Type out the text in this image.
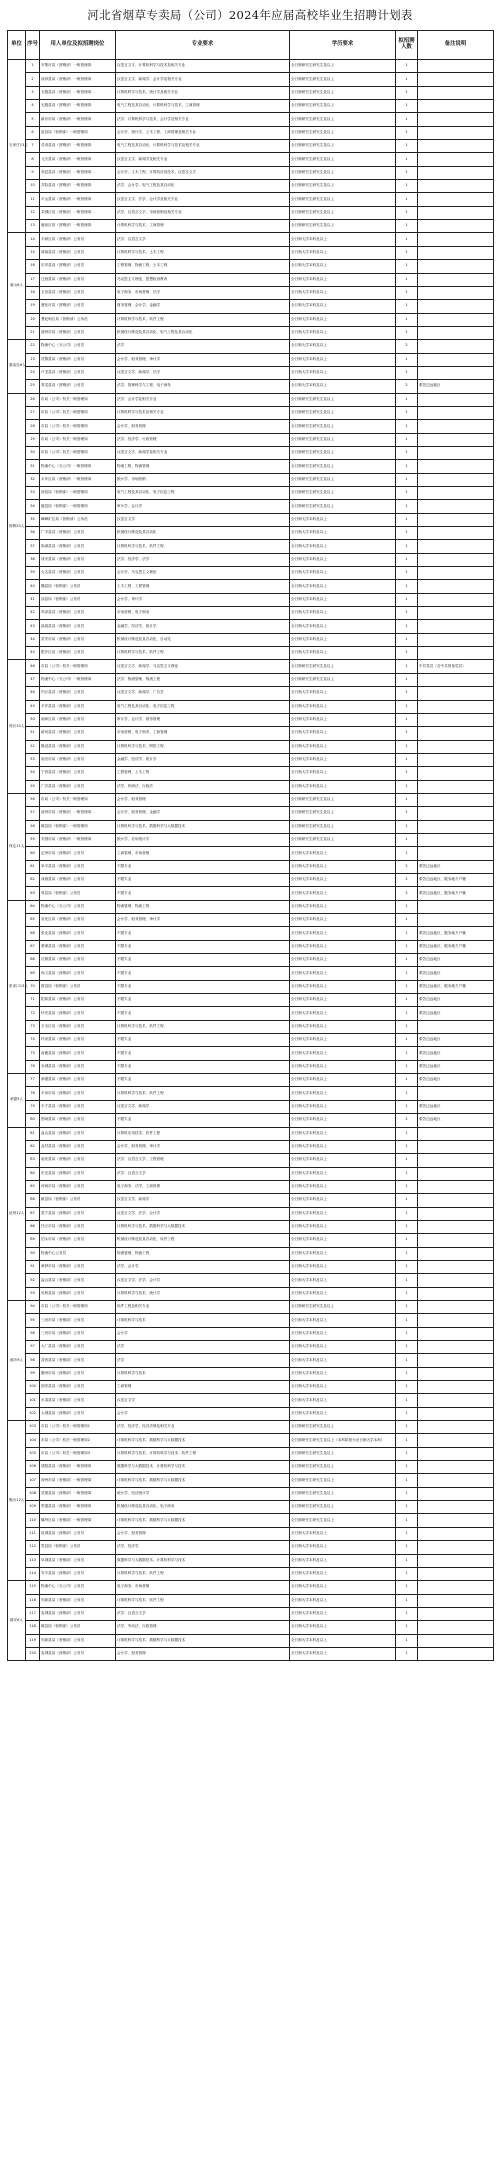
河北省烟草专卖局（公司）2024年应届高校毕业生招聘计划表
单位	序号	用人单位及拟招聘岗位	专业要求	学历要求	拟招聘人数	备注说明
石家庄13人	1	辛集市局（营销部）一般管理岗	汉语言文字、计算机科学与技术及相关专业	全日制研究生研究生及以上	1	
	2	深泽县局（营销部）一般管理岗	汉语言文字、新闻学、会计学及相关专业	全日制研究生研究生及以上	1	
	3	无极县局（营销部）一般管理岗	计算机科学与技术、统计学及相关专业	全日制研究生研究生及以上	1	
	4	无极县局（营销部）一般管理岗	电气工程及其自动化、计算机科学与技术、工商管理	全日制研究生研究生及以上	1	
	5	新乐市局（营销部）一般管理岗	法学、计算机科学与技术、会计学及相关专业	全日制研究生研究生及以上	1	
	6	赵县局（营销部）一般管理岗	会计学、统计学、土木工程、工商管理及相关专业	全日制研究生研究生及以上	1	
	7	灵寿县局（营销部）一般管理岗	电气工程及其自动化、计算机科学与技术及相关专业	全日制研究生研究生及以上	1	
	8	元氏县局（营销部）一般管理岗	汉语言文字、新闻学及相关专业	全日制研究生研究生及以上	1	
	9	高邑县局（营销部）一般管理岗	会计学、土木工程、计算机应用技术、汉语言文字	全日制研究生研究生及以上	1	
	10	井陉县局（营销部）一般管理岗	法学、会计学、电气工程及其自动化	全日制研究生研究生及以上	1	
	11	平山县局（营销部）一般管理岗	汉语言文字、法学、会计学及相关专业	全日制研究生研究生及以上	1	
	12	栾城区局（营销部）一般管理岗	法学、汉语言文字、市场营销及相关专业	全日制研究生研究生及以上	1	
	13	鹿泉区局（营销部）一般管理岗	计算机科学与技术、工商管理	全日制研究生研究生及以上	1	
唐山8人	14	丰润区局（营销部）公务员	法学、汉语言文学	全日制大学本科及以上	1	
	15	滦南县局（营销部）公务员	计算机科学与技术、土木工程	全日制大学本科及以上	1	
	16	乐亭县局（营销部）公务员	工程管理、物流工程、土木工程	全日制大学本科及以上	1	
	17	迁西县局（营销部）公务员	马克思主义理论、思想政治教育	全日制大学本科及以上	1	
	18	玉田县局（营销部）公务员	电子商务、市场营销、法学	全日制大学本科及以上	1	
	19	遵化市局（营销部）公务员	财务管理、会计学、金融学	全日制大学本科及以上	1	
	20	曹妃甸区局（营销部）公务员	计算机科学与技术、软件工程	全日制大学本科及以上	1	
	21	滦州市局（营销部）公务员	机械设计制造及其自动化、电气工程及其自动化	全日制大学本科及以上	1	
秦皇岛6人	22	物流中心（分公司）公务员	法学	全日制大学本科及以上	2	
	23	昌黎县局（营销部）公务员	会计学、财务管理、审计学	全日制大学本科及以上	1	
	24	卢龙县局（营销部）公务员	汉语言文学、新闻学、法学	全日制大学本科及以上	1	
	25	青龙县局（营销部）公务员	法学、管理科学与工程、电子商务	全日制大学本科及以上	2	艰苦边远地区
邯郸20人	26	市局（公司）机关一般管理岗	法学、会计学及相关专业	全日制研究生研究生及以上	1	
	27	市局（公司）机关一般管理岗	计算机科学与技术及相关专业	全日制研究生研究生及以上	1	
	28	市局（公司）机关一般管理岗	会计学、财务管理	全日制研究生研究生及以上	1	
	29	市局（公司）机关一般管理岗	法学、经济学、行政管理	全日制研究生研究生及以上	1	
	30	市局（公司）机关一般管理岗	汉语言文字、新闻学及相关专业	全日制研究生研究生及以上	1	
	31	物流中心（分公司）一般管理岗	物流工程、物流管理	全日制研究生研究生及以上	1	
	32	永年区局（营销部）一般管理岗	统计学、市场营销	全日制研究生研究生及以上	1	
	33	涉县局（营销部）一般管理岗	电气工程及其自动化、电子信息工程	全日制研究生研究生及以上	1	
	34	磁县局（营销部）一般管理岗	审计学、会计学	全日制研究生研究生及以上	1	
	35	峰峰矿区局（营销部）公务员	汉语言文学	全日制大学本科及以上	1	
	36	广平县局（营销部）公务员	机械设计制造及其自动化	全日制大学本科及以上	1	
	37	临漳县局（营销部）公务员	计算机科学与技术、软件工程	全日制大学本科及以上	1	
	38	成安县局（营销部）公务员	法学、经济学、法学	全日制大学本科及以上	1	
	39	大名县局（营销部）公务员	会计学、马克思主义理论	全日制大学本科及以上	1	
	40	魏县局（营销部）公务员	土木工程、工程管理	全日制大学本科及以上	1	
	41	邱县局（营销部）公务员	会计学、审计学	全日制大学本科及以上	1	
	42	鸡泽县局（营销部）公务员	市场营销、电子商务	全日制大学本科及以上	1	
	43	曲周县局（营销部）公务员	金融学、经济学、统计学	全日制大学本科及以上	1	
	44	武安市局（营销部）公务员	机械设计制造及其自动化、自动化	全日制大学本科及以上	1	
	45	肥乡区局（营销部）公务员	计算机科学与技术、软件工程	全日制大学本科及以上	1	
邢台10人	46	市局（公司）机关一般管理岗	汉语言文字、新闻学、马克思主义理论	全日制研究生研究生及以上	1	中共党员（含中共预备党员）
	47	物流中心（分公司）一般管理岗	法学、物流管理、物流工程	全日制研究生研究生及以上	1	
	48	内丘县局（营销部）公务员	汉语言文学、新闻学、广告学	全日制大学本科及以上	1	
	49	平乡县局（营销部）公务员	电气工程及其自动化、电子信息工程	全日制大学本科及以上	1	
	50	南和区局（营销部）公务员	审计学、会计学、财务管理	全日制大学本科及以上	1	
	51	新河县局（营销部）公务员	市场营销、电子商务、工商管理	全日制大学本科及以上	1	
	52	隆尧县局（营销部）公务员	计算机科学与技术、网络工程	全日制大学本科及以上	1	
	53	南宫市局（营销部）公务员	金融学、经济学、统计学	全日制大学本科及以上	1	
	54	宁晋县局（营销部）公务员	工程管理、土木工程	全日制大学本科及以上	1	
	55	广宗县局（营销部）公务员	法学、民商法、行政法	全日制大学本科及以上	1	
保定11人	56	市局（公司）机关一般管理岗	会计学、财务管理	全日制研究生研究生及以上	1	
	57	涿州市局（营销部）一般管理岗	会计学、财务管理、金融学	全日制研究生研究生及以上	1	
	58	雄县局（营销部）一般管理岗	计算机科学与技术、数据科学与大数据技术	全日制研究生研究生及以上	1	
	59	安国市局（营销部）一般管理岗	统计学、应用统计学	全日制研究生研究生及以上	1	
	60	定州市局（营销部）公务员	工商管理、市场营销	全日制大学本科及以上	1	
	61	阜平县局（营销部）公务员	不限专业	全日制大学本科及以上	2	艰苦边远地区
	62	涞源县局（营销部）公务员	不限专业	全日制大学本科及以上	2	艰苦边远地区、服务地方户籍
	63	易县局（营销部）公务员	不限专业	全日制大学本科及以上	2	艰苦边远地区、服务地方户籍
张家口13人	64	物流中心（分公司）公务员	物流管理、物流工程	全日制大学本科及以上	1	
	65	宣化区局（营销部）公务员	会计学、财务管理、审计学	全日制大学本科及以上	1	
	66	张北县局（营销部）公务员	不限专业	全日制大学本科及以上	1	艰苦边远地区、服务地方户籍
	67	康保县局（营销部）公务员	不限专业	全日制大学本科及以上	1	艰苦边远地区、服务地方户籍
	68	沽源县局（营销部）公务员	不限专业	全日制大学本科及以上	1	艰苦边远地区
	69	尚义县局（营销部）公务员	不限专业	全日制大学本科及以上	1	艰苦边远地区
	70	蔚县局（营销部）公务员	不限专业	全日制大学本科及以上	1	艰苦边远地区、服务地方户籍
	71	阳原县局（营销部）公务员	不限专业	全日制大学本科及以上	1	艰苦边远地区
	72	怀安县局（营销部）公务员	不限专业	全日制大学本科及以上	1	艰苦边远地区
	73	万全区局（营销部）公务员	计算机科学与技术、软件工程	全日制大学本科及以上	1	
	74	怀来县局（营销部）公务员	不限专业	全日制大学本科及以上	1	艰苦边远地区
	75	涿鹿县局（营销部）公务员	不限专业	全日制大学本科及以上	1	艰苦边远地区
	76	赤城县局（营销部）公务员	不限专业	全日制大学本科及以上	1	艰苦边远地区
承德5人	77	承德县局（营销部）公务员	不限专业	全日制大学本科及以上	1	艰苦边远地区
	78	平泉市局（营销部）公务员	计算机科学与技术、软件工程	全日制大学本科及以上	1	
	79	丰宁县局（营销部）公务员	汉语言文学、新闻学	全日制大学本科及以上	1	艰苦边远地区
	80	围场县局（营销部）公务员	不限专业	全日制大学本科及以上	2	艰苦边远地区
沧州12人	81	盐山县局（营销部）公务员	计算机应用技术、软件工程	全日制大学本科及以上	1	
	82	孟村县局（营销部）公务员	会计学、财务管理、审计学	全日制大学本科及以上	1	
	83	南皮县局（营销部）公务员	法学、汉语言文学、工程管理	全日制大学本科及以上	1	
	84	东光县局（营销部）公务员	法学、汉语言文学	全日制大学本科及以上	1	
	85	河间市局（营销部）公务员	电子商务、法学、工商管理	全日制大学本科及以上	1	
	86	献县局（营销部）公务员	汉语言文学、新闻学	全日制大学本科及以上	1	
	87	肃宁县局（营销部）公务员	汉语言文学、法学、会计学	全日制大学本科及以上	1	
	88	任丘市局（营销部）公务员	计算机科学与技术、数据科学与大数据技术	全日制大学本科及以上	1	
	89	泊头市局（营销部）公务员	机械设计制造及其自动化、软件工程	全日制大学本科及以上	1	
	90	物流中心公务员	物流管理、物流工程	全日制大学本科及以上	1	
	91	黄骅市局（营销部）公务员	法学、会计学	全日制大学本科及以上	1	
	92	盐山县局（营销部）公务员	汉语言文学、法学、会计学	全日制大学本科及以上	1	
	93	吴桥县局（营销部）公务员	计算机科学与技术、统计学	全日制大学本科及以上	1	
廊坊9人	94	市局（公司）机关一般管理岗	软件工程及相关专业	全日制研究生研究生及以上	1	
	95	三河市局（营销部）公务员	计算机科学与技术	全日制大学本科及以上	1	
	96	三河市局（营销部）公务员	会计学	全日制大学本科及以上	1	
	97	大厂县局（营销部）公务员	法学	全日制大学本科及以上	1	
	98	香河县局（营销部）公务员	法学	全日制大学本科及以上	1	
	99	霸州市局（营销部）公务员	计算机科学与技术	全日制大学本科及以上	1	
	100	固安县局（营销部）公务员	工商管理	全日制大学本科及以上	1	
	101	永清县局（营销部）公务员	汉语言文学	全日制大学本科及以上	1	
	102	大城县局（营销部）公务员	会计学	全日制大学本科及以上	1	
衡水12人	103	市局（公司）机关一般管理岗1	法学、经济学、经济法律及相关专业	全日制研究生研究生及以上	1	
	104	市局（公司）机关一般管理岗2	计算机科学与技术、数据科学与大数据技术	全日制研究生研究生及以上（本科阶段为全日制大学本科）	1	
	105	市局（公司）机关一般管理岗3	计算机科学与技术、计算机科学与技术、软件工程	全日制研究生研究生及以上	1	
	106	饶阳县局（营销部）一般管理岗	数据科学与大数据技术、计算机科学与技术	全日制研究生研究生及以上	1	
	107	深州市局（营销部）一般管理岗	计算机科学与技术、数据科学与大数据技术	全日制研究生研究生及以上	1	
	108	武强县局（营销部）一般管理岗	统计学、经济统计学	全日制研究生研究生及以上	1	
	109	枣强县局（营销部）一般管理岗	机械设计制造及其自动化、电子商务	全日制研究生研究生及以上	1	
	110	冀州区局（营销部）一般管理岗	计算机科学与技术、数据科学与大数据技术	全日制研究生研究生及以上	1	
	111	故城县局（营销部）公务员	会计学、财务管理	全日制大学本科及以上	1	
	112	景县局（营销部）公务员	法学、经济学	全日制大学本科及以上	1	
	113	阜城县局（营销部）公务员	数据科学与大数据技术、计算机科学与技术	全日制大学本科及以上	1	
	114	安平县局（营销部）公务员	计算机科学与技术、软件工程	全日制大学本科及以上	1	
雄安6人	115	物流中心（分公司）公务员	电子商务、市场营销	全日制大学本科及以上	1	
	116	安新县局（营销部）公务员	计算机科学与技术、软件工程	全日制大学本科及以上	1	
	117	容城县局（营销部）公务员	法学、汉语言文学	全日制大学本科及以上	1	
	118	雄县局（营销部）公务员	法学、劳动法、行政管理	全日制大学本科及以上	1	
	119	安新县局（营销部）公务员	计算机科学与技术、数据科学与大数据技术	全日制大学本科及以上	1	
	120	容城县局（营销部）公务员	会计学、财务管理	全日制大学本科及以上	1	
